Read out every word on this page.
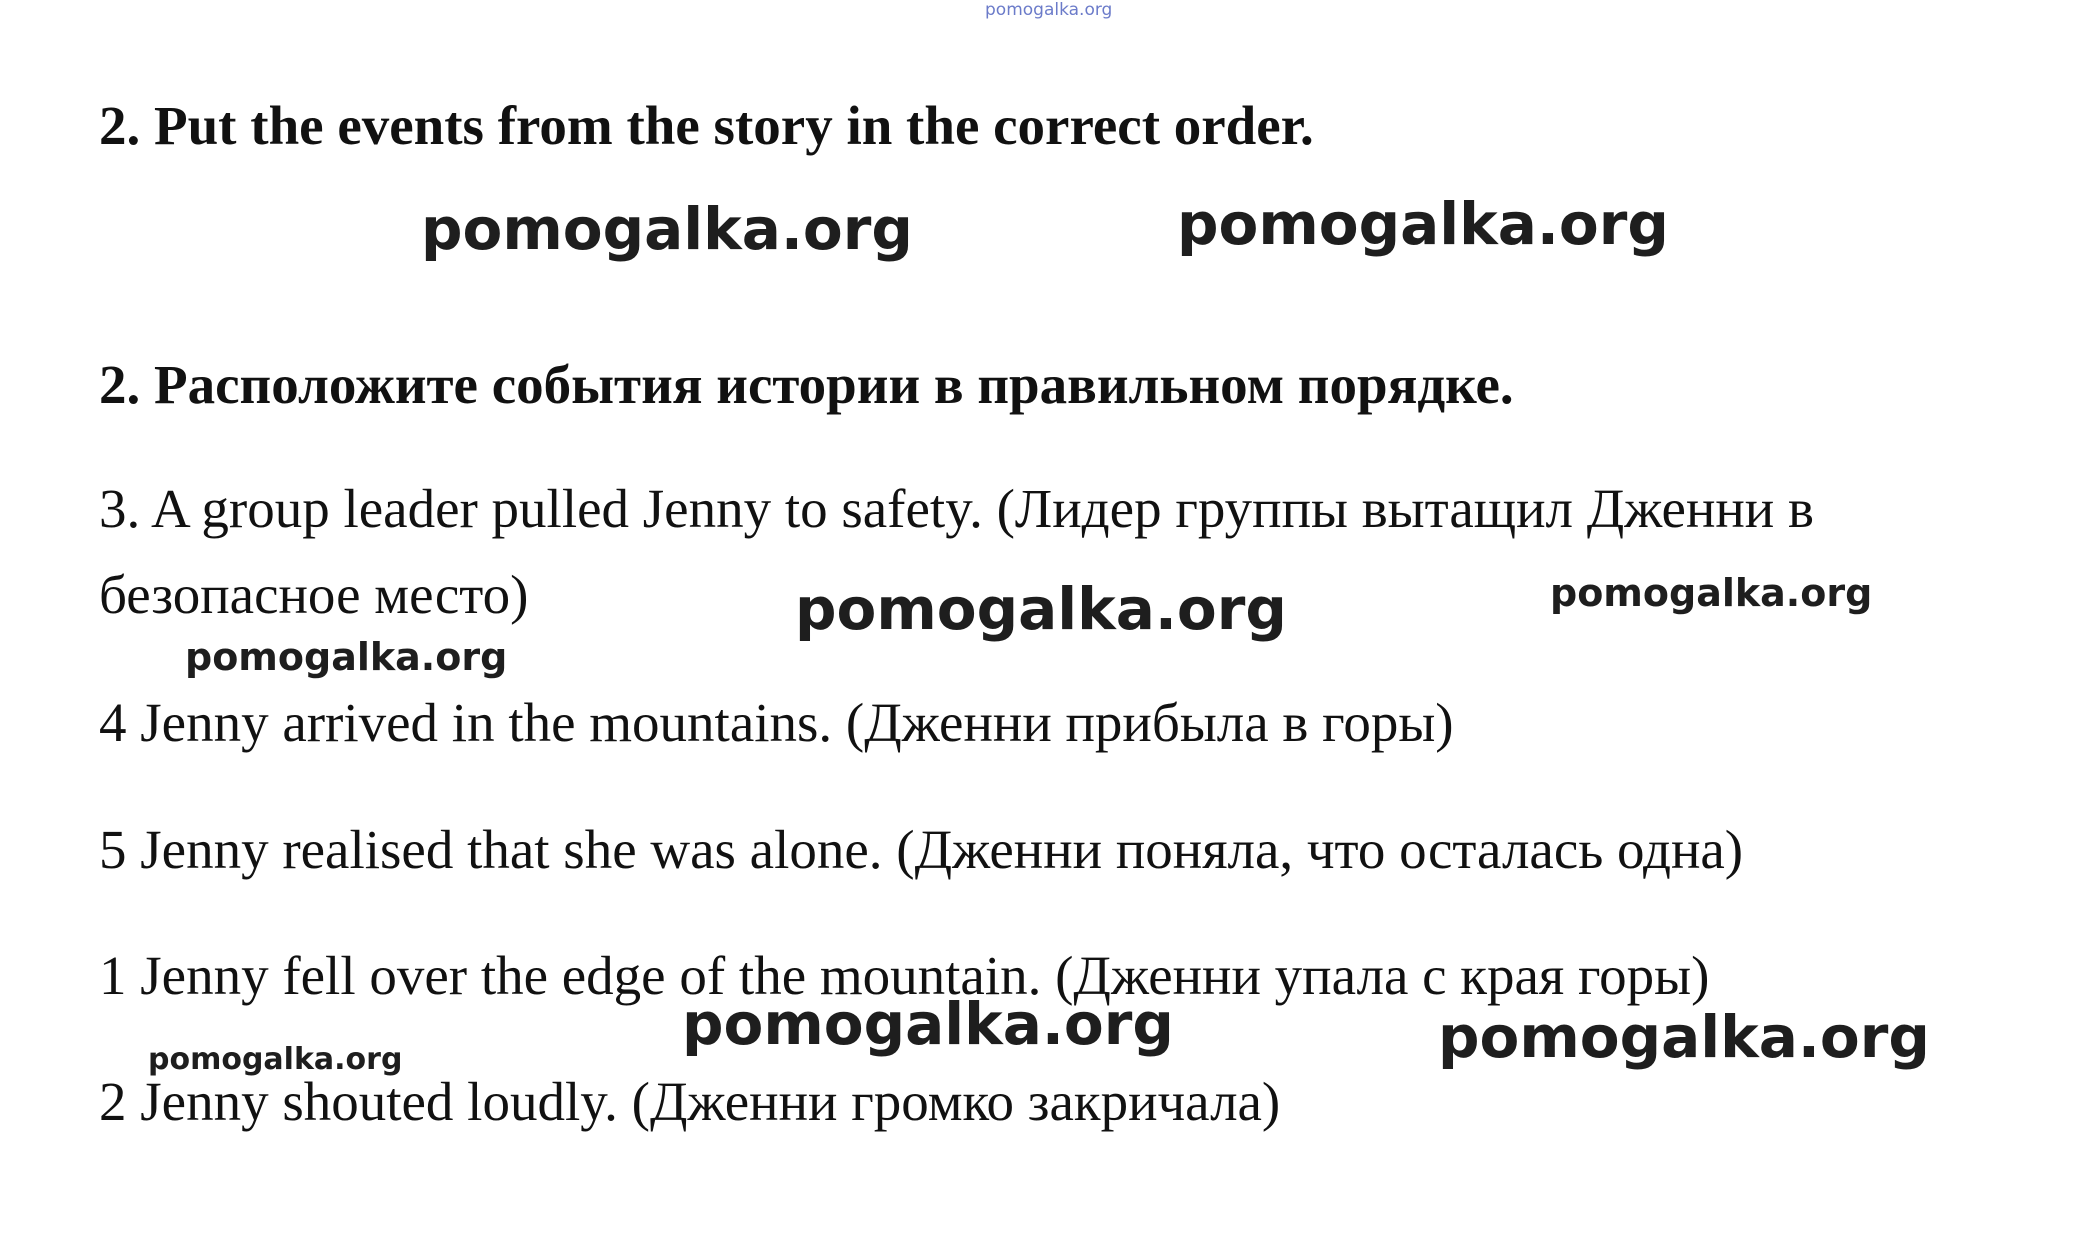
pomogalka.org
2. Put the events from the story in the correct order.
pomogalka.org	pomogalka.org
2. Расположите события истории в правильном порядке.
3. A group leader pulled Jenny to safety. (Лидер группы вытащил Дженни в
безопасное место)	pomogalka.org	pomogalka.org
pomogalka.org
4 Jenny arrived in the mountains. (Дженни прибыла в горы)
5 Jenny realised that she was alone. (Дженни поняла, что осталась одна)
1 Jenny fell over the edge of the mountain. (Дженни упала с края горы)
pomogalka.org	pomogalka.org
pomogalka.org
2 Jenny shouted loudly. (Дженни громко закричала)
